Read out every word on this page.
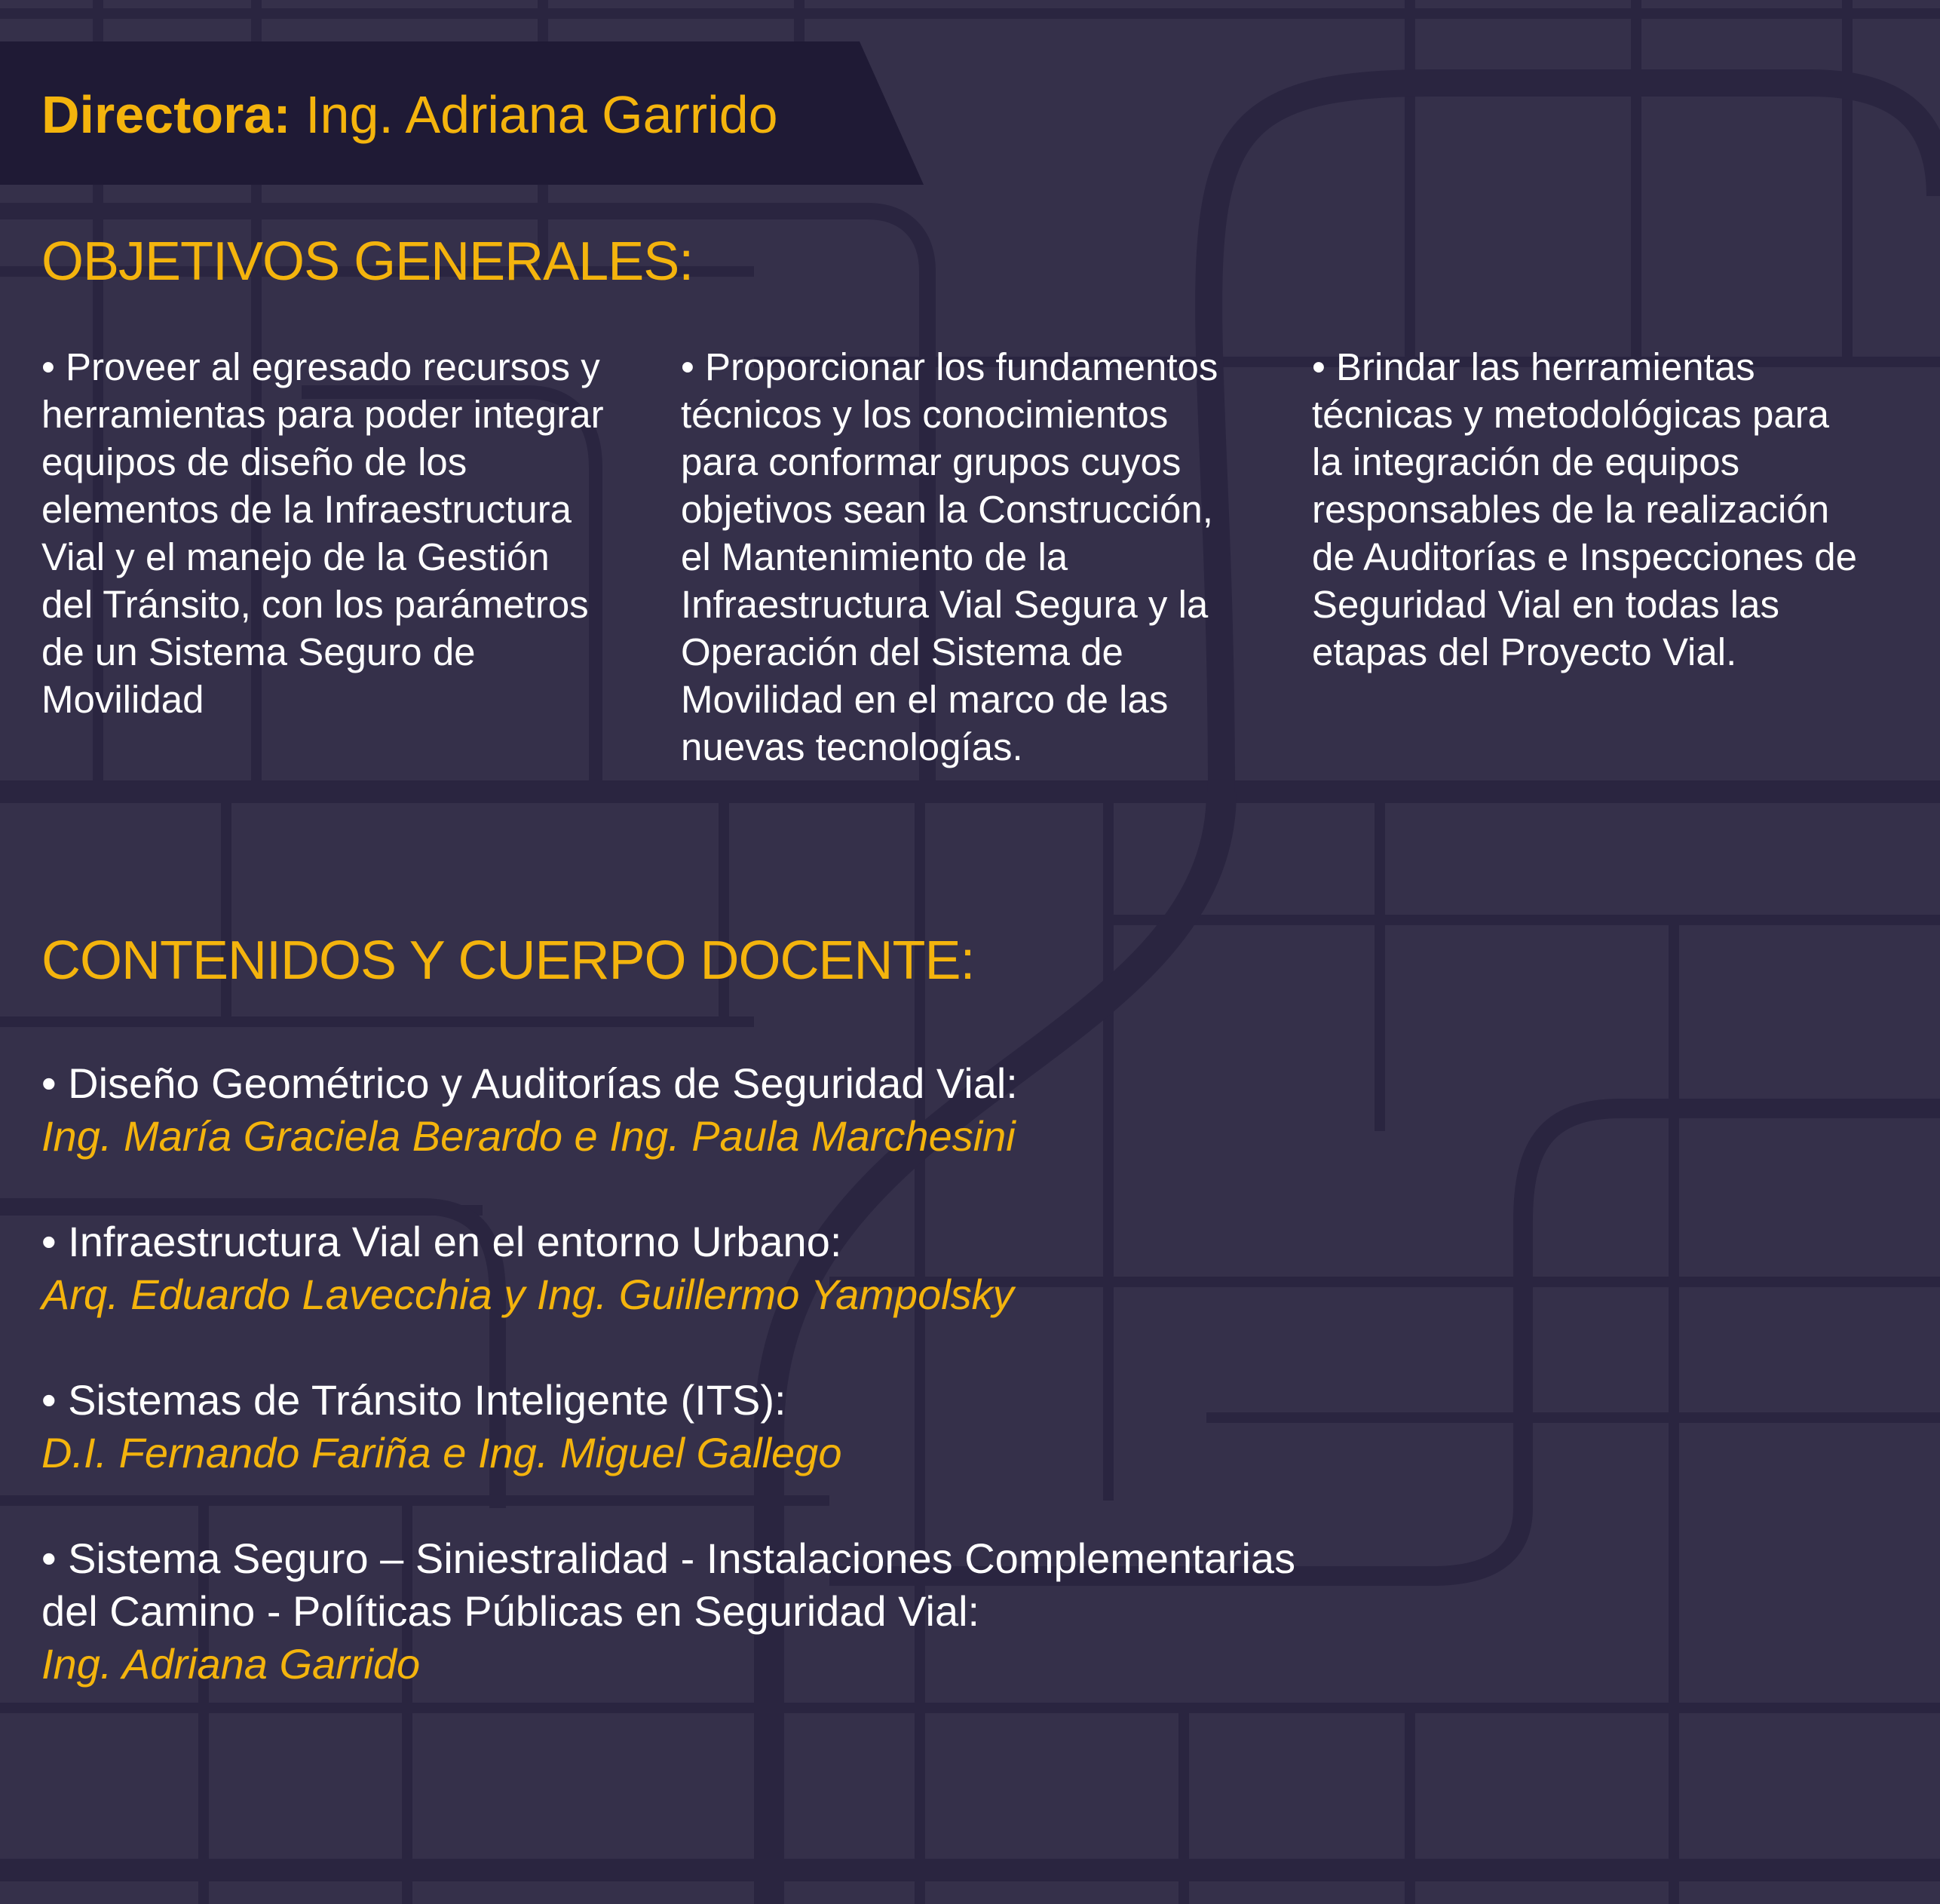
Directora: Ing. Adriana Garrido
OBJETIVOS GENERALES:
• Proveer al egresado recursos y
herramientas para poder integrar
equipos de diseño de los
elementos de la Infraestructura
Vial y el manejo de la Gestión
del Tránsito, con los parámetros
de un Sistema Seguro de
Movilidad
• Proporcionar los fundamentos
técnicos y los conocimientos
para conformar grupos cuyos
objetivos sean la Construcción,
el Mantenimiento de la
Infraestructura Vial Segura y la
Operación del Sistema de
Movilidad en el marco de las
nuevas tecnologías.
• Brindar las herramientas
técnicas y metodológicas para
la integración de equipos
responsables de la realización
de Auditorías e Inspecciones de
Seguridad Vial en todas las
etapas del Proyecto Vial.
CONTENIDOS Y CUERPO DOCENTE:
• Diseño Geométrico y Auditorías de Seguridad Vial:
Ing. María Graciela Berardo e Ing. Paula Marchesini
• Infraestructura Vial en el entorno Urbano:
Arq. Eduardo Lavecchia y Ing. Guillermo Yampolsky
• Sistemas de Tránsito Inteligente (ITS):
D.I. Fernando Fariña e Ing. Miguel Gallego
• Sistema Seguro – Siniestralidad - Instalaciones Complementarias
del Camino - Políticas Públicas en Seguridad Vial:
Ing. Adriana Garrido
